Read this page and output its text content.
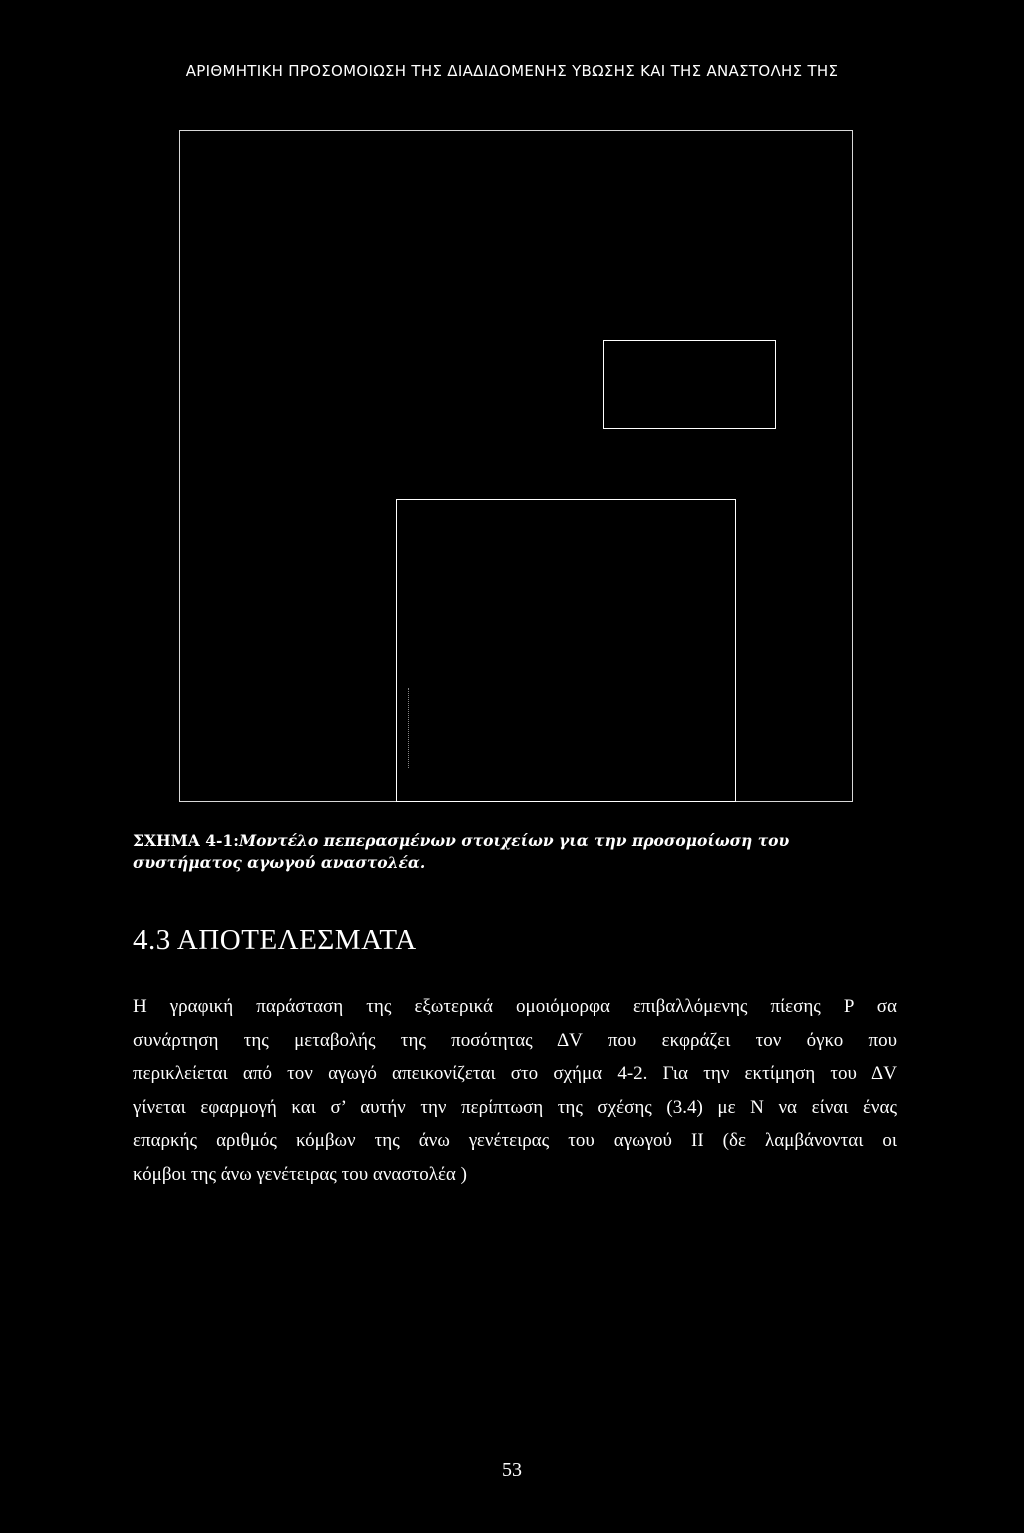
ΑΡΙΘΜΗΤΙΚΗ ΠΡΟΣΟΜΟΙΩΣΗ ΤΗΣ ΔΙΑΔΙΔΟΜΕΝΗΣ ΥΒΩΣΗΣ ΚΑΙ ΤΗΣ ΑΝΑΣΤΟΛΗΣ ΤΗΣ
ΣΧΗΜΑ 4-1:Μοντέλο πεπερασμένων στοιχείων για την προσομοίωση του συστήματος αγωγού αναστολέα.
4.3 ΑΠΟΤΕΛΕΣΜΑΤΑ
Η γραφική παράσταση της εξωτερικά ομοιόμορφα επιβαλλόμενης πίεσης P σα
συνάρτηση της μεταβολής της ποσότητας ΔV που εκφράζει τον όγκο που
περικλείεται από τον αγωγό απεικονίζεται στο σχήμα 4-2. Για την εκτίμηση του ΔV
γίνεται εφαρμογή και σ’ αυτήν την περίπτωση της σχέσης (3.4) με Ν να είναι ένας
επαρκής αριθμός κόμβων της άνω γενέτειρας του αγωγού ΙΙ (δε λαμβάνονται οι
κόμβοι της άνω γενέτειρας του αναστολέα )
53
